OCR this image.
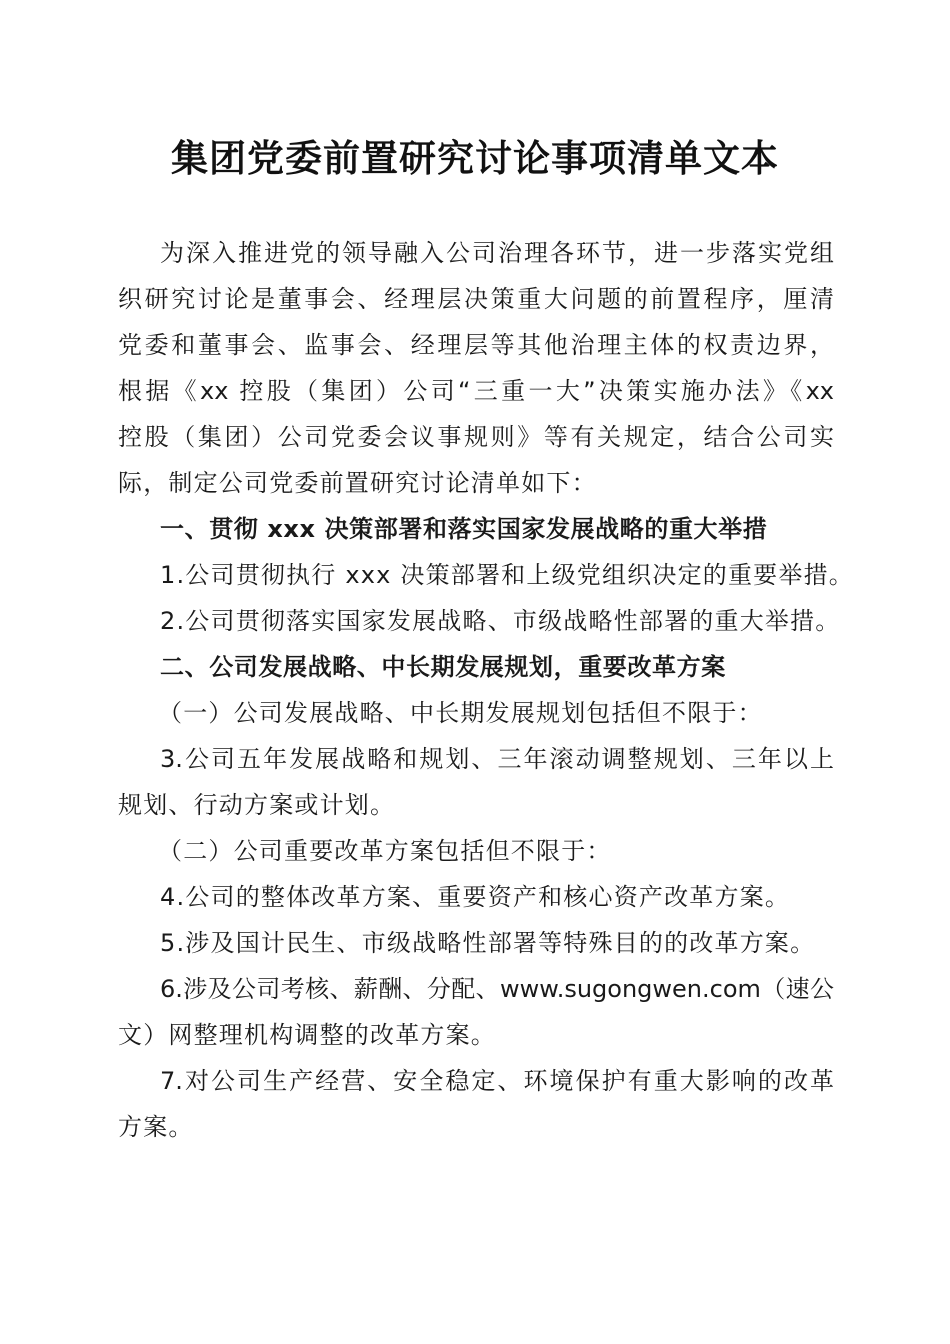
集团党委前置研究讨论事项清单文本
为深入推进党的领导融入公司治理各环节，进一步落实党组
织研究讨论是董事会、经理层决策重大问题的前置程序，厘清
党委和董事会、监事会、经理层等其他治理主体的权责边界，
根据《xx 控股（集团）公司“三重一大”决策实施办法》《xx
控股（集团）公司党委会议事规则》等有关规定，结合公司实
际，制定公司党委前置研究讨论清单如下：
一、贯彻 xxx 决策部署和落实国家发展战略的重大举措
1.公司贯彻执行 xxx 决策部署和上级党组织决定的重要举措。
2.公司贯彻落实国家发展战略、市级战略性部署的重大举措。
二、公司发展战略、中长期发展规划，重要改革方案
（一）公司发展战略、中长期发展规划包括但不限于：
3.公司五年发展战略和规划、三年滚动调整规划、三年以上
规划、行动方案或计划。
（二）公司重要改革方案包括但不限于：
4.公司的整体改革方案、重要资产和核心资产改革方案。
5.涉及国计民生、市级战略性部署等特殊目的的改革方案。
6.涉及公司考核、薪酬、分配、www.sugongwen.com（速公
文）网整理机构调整的改革方案。
7.对公司生产经营、安全稳定、环境保护有重大影响的改革
方案。
